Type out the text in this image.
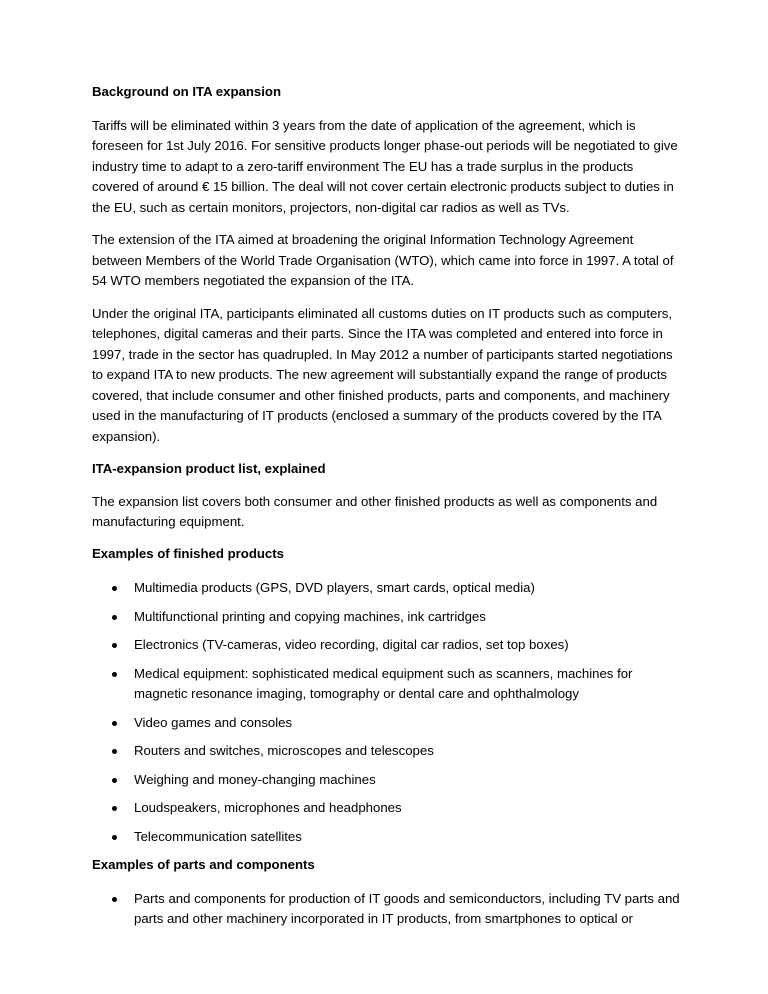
Background on ITA expansion

Tariffs will be eliminated within 3 years from the date of application of the agreement, which is foreseen for 1st July 2016. For sensitive products longer phase-out periods will be negotiated to give industry time to adapt to a zero-tariff environment The EU has a trade surplus in the products covered of around € 15 billion. The deal will not cover certain electronic products subject to duties in the EU, such as certain monitors, projectors, non-digital car radios as well as TVs.

The extension of the ITA aimed at broadening the original Information Technology Agreement between Members of the World Trade Organisation (WTO), which came into force in 1997. A total of 54 WTO members negotiated the expansion of the ITA.

Under the original ITA, participants eliminated all customs duties on IT products such as computers, telephones, digital cameras and their parts. Since the ITA was completed and entered into force in 1997, trade in the sector has quadrupled. In May 2012 a number of participants started negotiations to expand ITA to new products. The new agreement will substantially expand the range of products covered, that include consumer and other finished products, parts and components, and machinery used in the manufacturing of IT products (enclosed a summary of the products covered by the ITA expansion).

ITA-expansion product list, explained

The expansion list covers both consumer and other finished products as well as components and manufacturing equipment.

Examples of finished products

Multimedia products (GPS, DVD players, smart cards, optical media)
Multifunctional printing and copying machines, ink cartridges
Electronics (TV-cameras, video recording, digital car radios, set top boxes)
Medical equipment: sophisticated medical equipment such as scanners, machines for magnetic resonance imaging, tomography or dental care and ophthalmology
Video games and consoles
Routers and switches, microscopes and telescopes
Weighing and money-changing machines
Loudspeakers, microphones and headphones
Telecommunication satellites

Examples of parts and components

Parts and components for production of IT goods and semiconductors, including TV parts and parts and other machinery incorporated in IT products, from smartphones to optical or
